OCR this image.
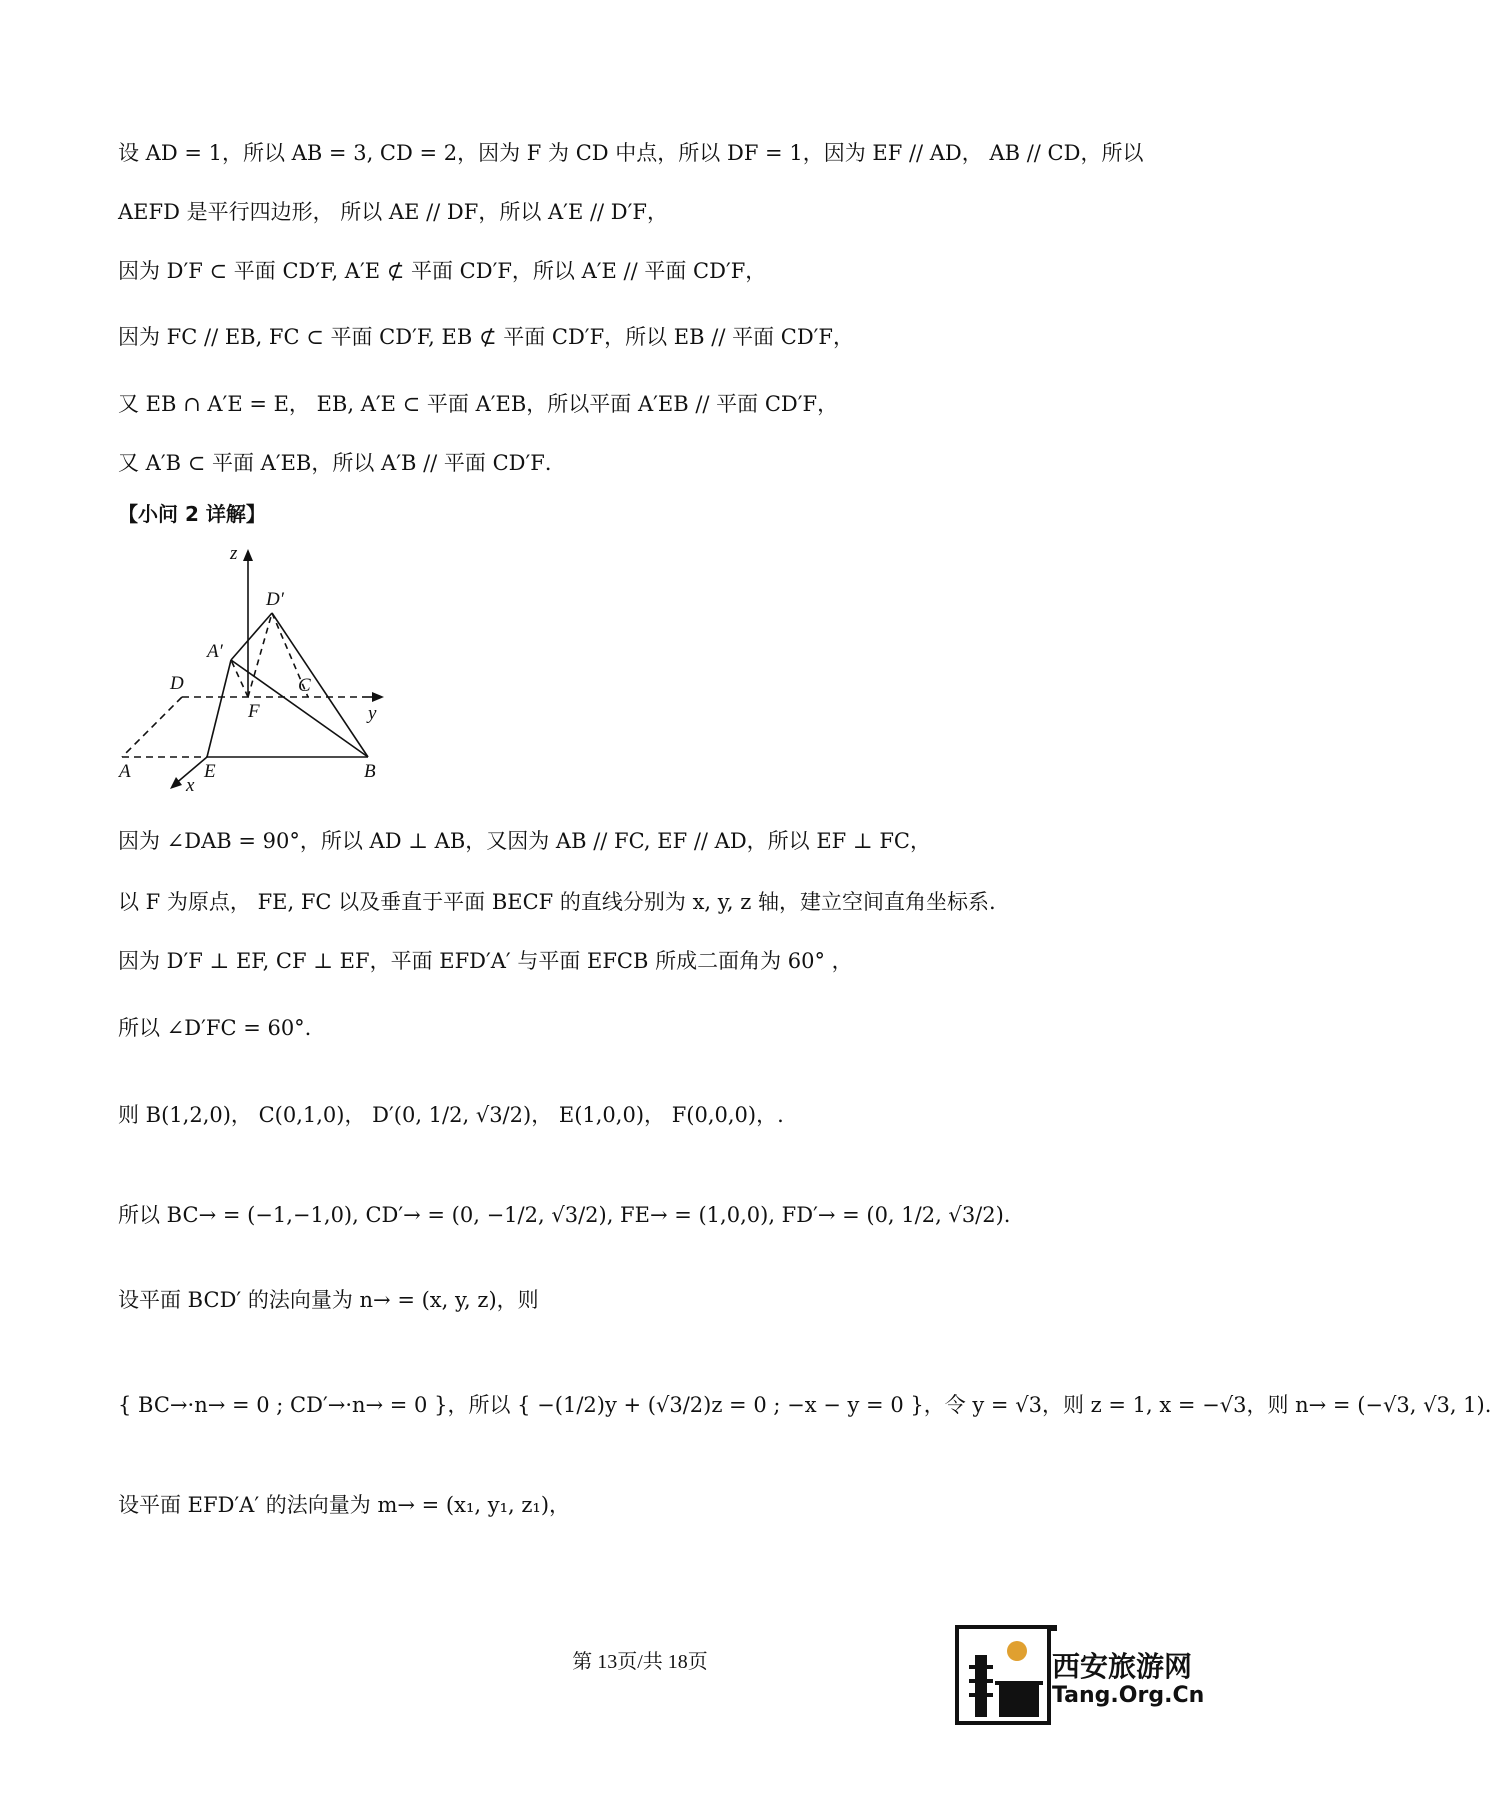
设 AD = 1，所以 AB = 3, CD = 2，因为 F 为 CD 中点，所以 DF = 1，因为 EF // AD， AB // CD，所以
AEFD 是平行四边形， 所以 AE // DF，所以 A′E // D′F，
因为 D′F ⊂ 平面 CD′F, A′E ⊄ 平面 CD′F，所以 A′E // 平面 CD′F，
因为 FC // EB, FC ⊂ 平面 CD′F, EB ⊄ 平面 CD′F，所以 EB // 平面 CD′F，
又 EB ∩ A′E = E， EB, A′E ⊂ 平面 A′EB，所以平面 A′EB // 平面 CD′F，
又 A′B ⊂ 平面 A′EB，所以 A′B // 平面 CD′F．
【小问 2 详解】
z
D′
A′
D	C
y
F
A	E	B
x
因为 ∠DAB = 90°，所以 AD ⊥ AB，又因为 AB // FC, EF // AD，所以 EF ⊥ FC，
以 F 为原点， FE, FC 以及垂直于平面 BECF 的直线分别为 x, y, z 轴，建立空间直角坐标系.
因为 D′F ⊥ EF, CF ⊥ EF，平面 EFD′A′ 与平面 EFCB 所成二面角为 60° ，
所以 ∠D′FC = 60°.
则 B(1,2,0)， C(0,1,0)， D′(0, 1/2, √3/2)， E(1,0,0)， F(0,0,0)，.
所以 BC→ = (−1,−1,0), CD′→ = (0, −1/2, √3/2), FE→ = (1,0,0), FD′→ = (0, 1/2, √3/2).
设平面 BCD′ 的法向量为 n→ = (x, y, z)，则
{ BC→·n→ = 0 ; CD′→·n→ = 0 }，所以 { −(1/2)y + (√3/2)z = 0 ; −x − y = 0 }，令 y = √3，则 z = 1, x = −√3，则 n→ = (−√3, √3, 1).
设平面 EFD′A′ 的法向量为 m→ = (x₁, y₁, z₁)，
第 13页/共 18页	西安旅游网
Tang.Org.Cn
